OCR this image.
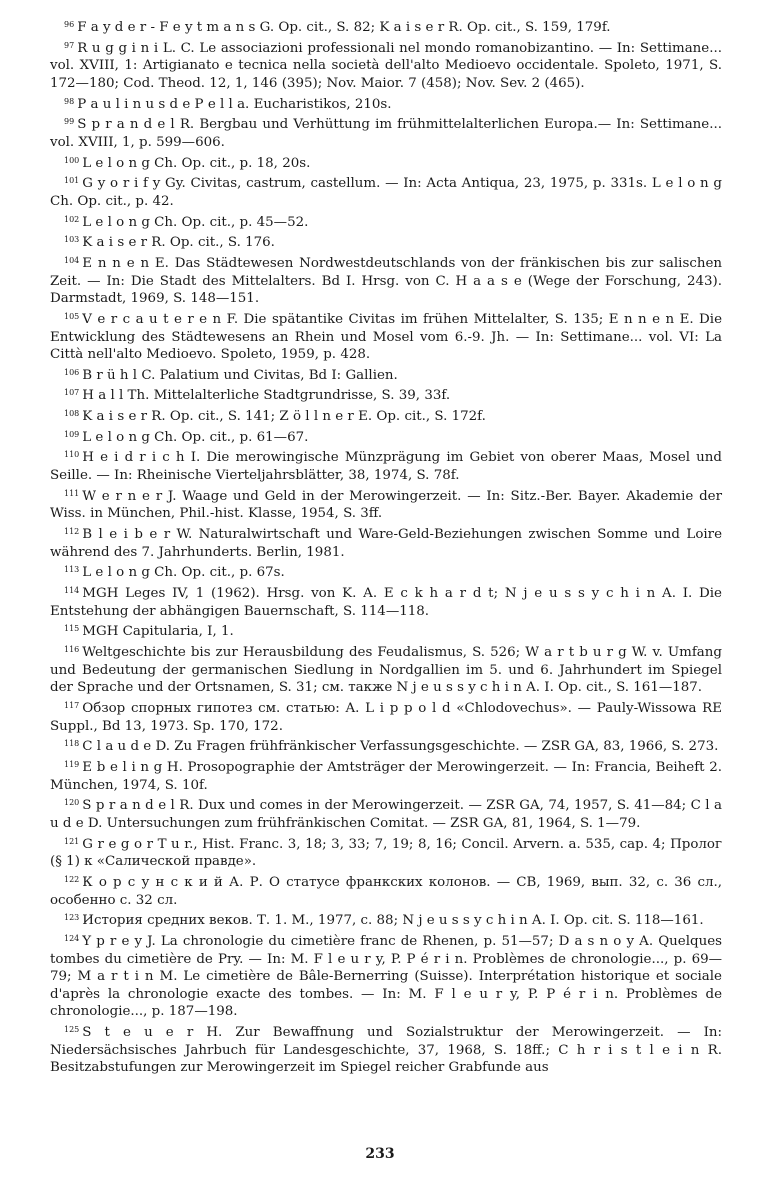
$^{96}$ F a y d e r - F e y t m a n s G. Op. cit., S. 82; K a i s e r R. Op. cit., S. 159, 179f.

$^{97}$ R u g g i n i L. C. Le associazioni professionali nel mondo romanobizantino. — In: Settimane... vol. XVIII, 1: Artigianato e tecnica nella società dell'alto Medioevo occidentale. Spoleto, 1971, S. 172—180; Cod. Theod. 12, 1, 146 (395); Nov. Maior. 7 (458); Nov. Sev. 2 (465).

$^{98}$ P a u l i n u s d e P e l l a. Eucharistikos, 210s.

$^{99}$ S p r a n d e l R. Bergbau und Verhüttung im frühmittelalterlichen Europa.— In: Settimane... vol. XVIII, 1, p. 599—606.

$^{100}$ L e l o n g Ch. Op. cit., p. 18, 20s.

$^{101}$ G y o r i f y Gy. Civitas, castrum, castellum. — In: Acta Antiqua, 23, 1975, p. 331s. L e l o n g Ch. Op. cit., p. 42.

$^{102}$ L e l o n g Ch. Op. cit., p. 45—52.

$^{103}$ K a i s e r R. Op. cit., S. 176.

$^{104}$ E n n e n E. Das Städtewesen Nordwestdeutschlands von der fränkischen bis zur salischen Zeit. — In: Die Stadt des Mittelalters. Bd I. Hrsg. von C. H a a s e (Wege der Forschung, 243). Darmstadt, 1969, S. 148—151.

$^{105}$ V e r c a u t e r e n F. Die spätantike Civitas im frühen Mittelalter, S. 135; E n n e n E. Die Entwicklung des Städtewesens an Rhein und Mosel vom 6.-9. Jh. — In: Settimane... vol. VI: La Città nell'alto Medioevo. Spoleto, 1959, p. 428.

$^{106}$ B r ü h l C. Palatium und Civitas, Bd I: Gallien.

$^{107}$ H a l l Th. Mittelalterliche Stadtgrundrisse, S. 39, 33f.

$^{108}$ K a i s e r R. Op. cit., S. 141; Z ö l l n e r E. Op. cit., S. 172f.

$^{109}$ L e l o n g Ch. Op. cit., p. 61—67.

$^{110}$ H e i d r i c h I. Die merowingische Münzprägung im Gebiet von oberer Maas, Mosel und Seille. — In: Rheinische Vierteljahrsblätter, 38, 1974, S. 78f.

$^{111}$ W e r n e r J. Waage und Geld in der Merowingerzeit. — In: Sitz.-Ber. Bayer. Akademie der Wiss. in München, Phil.-hist. Klasse, 1954, S. 3ff.

$^{112}$ B l e i b e r W. Naturalwirtschaft und Ware-Geld-Beziehungen zwischen Somme und Loire während des 7. Jahrhunderts. Berlin, 1981.

$^{113}$ L e l o n g Ch. Op. cit., p. 67s.

$^{114}$ MGH Leges IV, 1 (1962). Hrsg. von K. A. E c k h a r d t; N j e u s s y c h i n A. I. Die Entstehung der abhängigen Bauernschaft, S. 114—118.

$^{115}$ MGH Capitularia, I, 1.

$^{116}$ Weltgeschichte bis zur Herausbildung des Feudalismus, S. 526; W a r t b u r g W. v. Umfang und Bedeutung der germanischen Siedlung in Nordgallien im 5. und 6. Jahrhundert im Spiegel der Sprache und der Ortsnamen, S. 31; см. также N j e u s s y c h i n A. I. Op. cit., S. 161—187.

$^{117}$ Обзор спорных гипотез см. статью: A. L i p p o l d «Chlodovechus». — Pauly-Wissowa RE Suppl., Bd 13, 1973. Sp. 170, 172.

$^{118}$ C l a u d e D. Zu Fragen frühfränkischer Verfassungsgeschichte. — ZSR GA, 83, 1966, S. 273.

$^{119}$ E b e l i n g H. Prosopographie der Amtsträger der Merowingerzeit. — In: Francia, Beiheft 2. München, 1974, S. 10f.

$^{120}$ S p r a n d e l R. Dux und comes in der Merowingerzeit. — ZSR GA, 74, 1957, S. 41—84; C l a u d e D. Untersuchungen zum frühfränkischen Comitat. — ZSR GA, 81, 1964, S. 1—79.

$^{121}$ G r e g o r T u r., Hist. Franc. 3, 18; 3, 33; 7, 19; 8, 16; Concil. Arvern. a. 535, cap. 4; Пролог (§ 1) к «Салической правде».

$^{122}$ К о р с у н с к и й А. Р. О статусе франкских колонов. — СВ, 1969, вып. 32, с. 36 сл., особенно с. 32 сл.

$^{123}$ История средних веков. Т. 1. М., 1977, с. 88; N j e u s s y c h i n A. I. Op. cit. S. 118—161.

$^{124}$ Y p r e y J. La chronologie du cimetière franc de Rhenen, p. 51—57; D a s n o y A. Quelques tombes du cimetière de Pry. — In: M. F l e u r y, P. P é r i n. Problèmes de chronologie..., p. 69—79; M a r t i n M. Le cimetière de Bâle-Bernerring (Suisse). Interprétation historique et sociale d'après la chronologie exacte des tombes. — In: M. F l e u r y, P. P é r i n. Problèmes de chronologie..., p. 187—198.

$^{125}$ S t e u e r H. Zur Bewaffnung und Sozialstruktur der Merowingerzeit. — In: Niedersächsisches Jahrbuch für Landesgeschichte, 37, 1968, S. 18ff.; C h r i s t l e i n R. Besitzabstufungen zur Merowingerzeit im Spiegel reicher Grabfunde aus

233
